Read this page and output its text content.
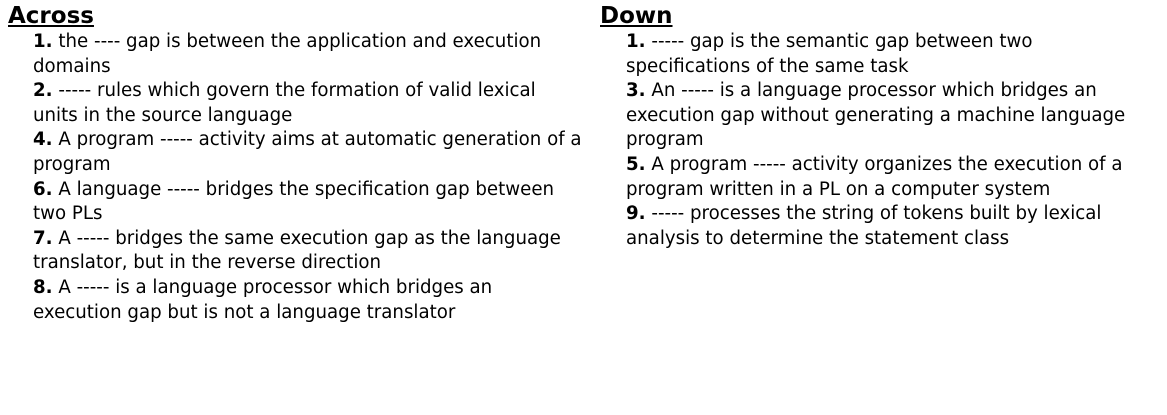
Across
1. the ---- gap is between the application and execution domains
2. ----- rules which govern the formation of valid lexical units in the source language
4. A program ----- activity aims at automatic generation of a program
6. A language ----- bridges the specification gap between two PLs
7. A ----- bridges the same execution gap as the language translator, but in the reverse direction
8. A ----- is a language processor which bridges an execution gap but is not a language translator
Down
1. ----- gap is the semantic gap between two specifications of the same task
3. An ----- is a language processor which bridges an execution gap without generating a machine language program
5. A program ----- activity organizes the execution of a program written in a PL on a computer system
9. ----- processes the string of tokens built by lexical analysis to determine the statement class
